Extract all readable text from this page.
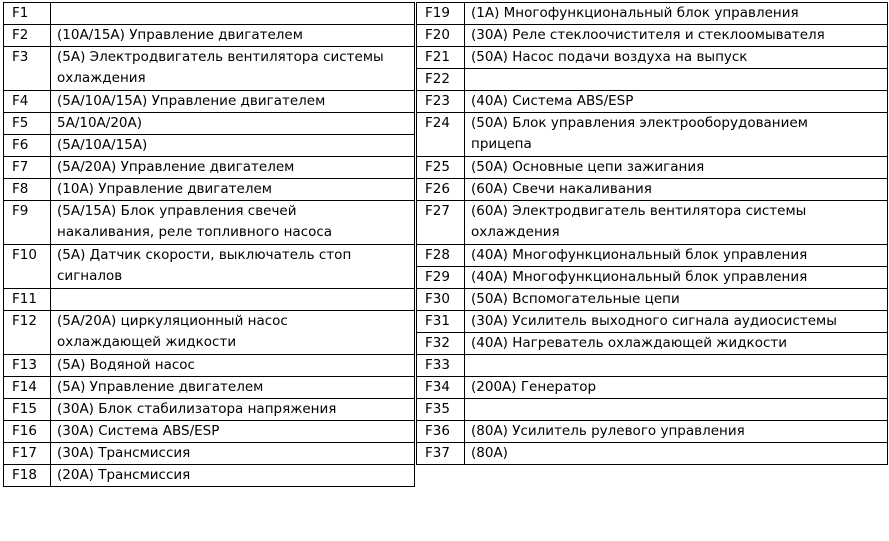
F1	
F2	(10A/15A) Управление двигателем
F3	(5A) Электродвигатель вентилятора системы
охлаждения

F4	(5A/10A/15A) Управление двигателем
F5	5A/10A/20A)
F6	(5A/10A/15A)
F7	(5A/20A) Управление двигателем
F8	(10A) Управление двигателем
F9	(5A/15A) Блок управления свечей
накаливания, реле топливного насоса

F10	(5A) Датчик скорости, выключатель стоп
сигналов

F11	
F12	(5A/20A) циркуляционный насос
охлаждающей жидкости

F13	(5A) Водяной насос
F14	(5A) Управление двигателем
F15	(30A) Блок стабилизатора напряжения
F16	(30A) Система ABS/ESP
F17	(30A) Трансмиссия
F18	(20A) Трансмиссия
F19	(1A) Многофункциональный блок управления
F20	(30A) Реле стеклоочистителя и стеклоомывателя
F21	(50A) Насос подачи воздуха на выпуск
F22	
F23	(40A) Система ABS/ESP
F24	(50A) Блок управления электрооборудованием
прицепа

F25	(50A) Основные цепи зажигания
F26	(60A) Свечи накаливания
F27	(60A) Электродвигатель вентилятора системы
охлаждения

F28	(40A) Многофункциональный блок управления
F29	(40A) Многофункциональный блок управления
F30	(50A) Вспомогательные цепи
F31	(30A) Усилитель выходного сигнала аудиосистемы
F32	(40A) Нагреватель охлаждающей жидкости
F33	
F34	(200A) Генератор
F35	
F36	(80A) Усилитель рулевого управления
F37	(80A)
